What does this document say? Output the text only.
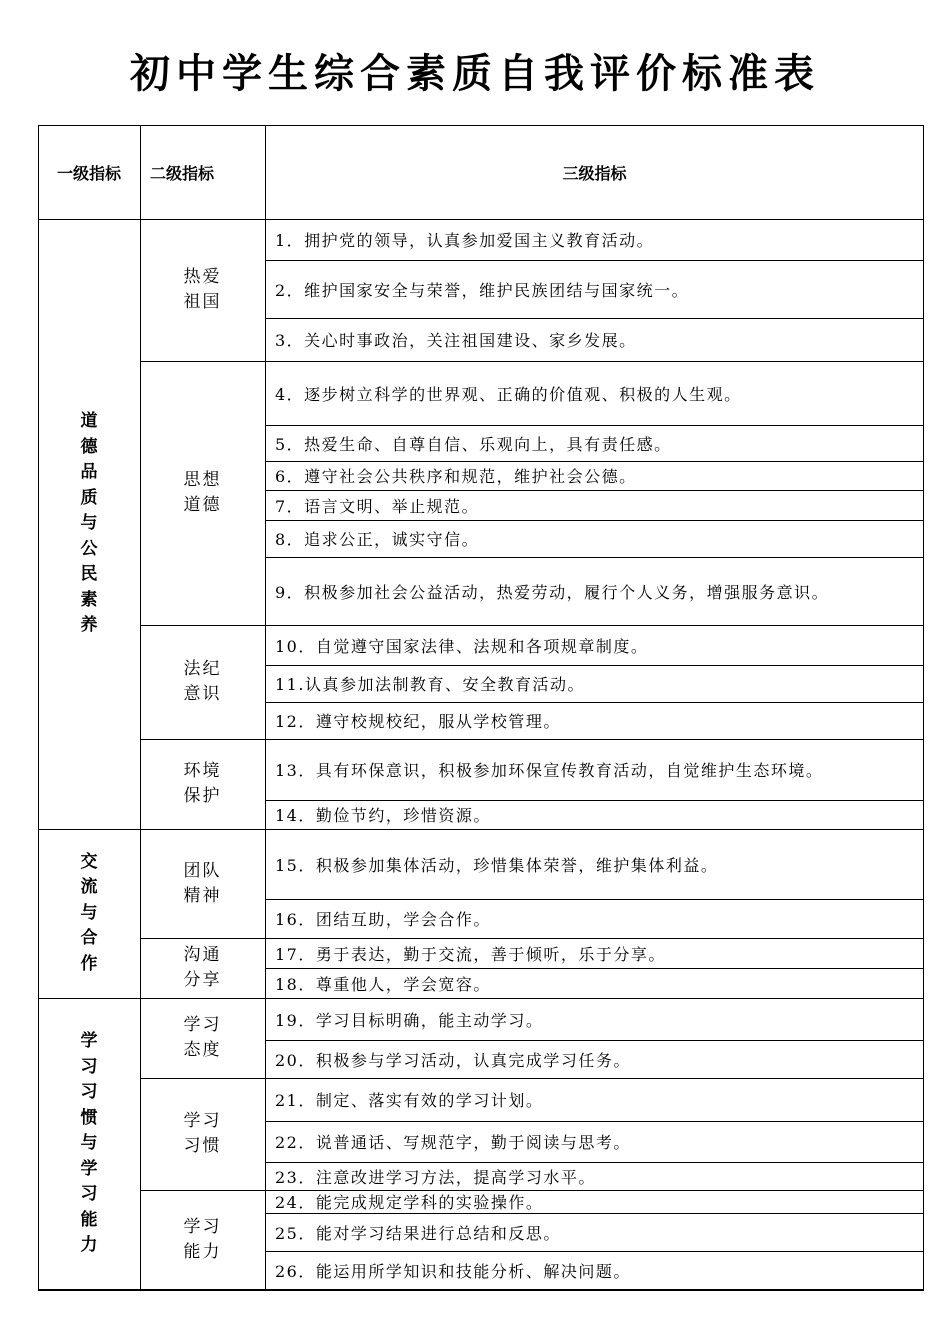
初中学生综合素质自我评价标准表
一级指标	二级指标	三级指标
道
德
品
质
与
公
民
素
养
热爱
祖国
1．拥护党的领导，认真参加爱国主义教育活动。
2．维护国家安全与荣誉，维护民族团结与国家统一。
3．关心时事政治，关注祖国建设、家乡发展。
思想
道德
4．逐步树立科学的世界观、正确的价值观、积极的人生观。
5．热爱生命、自尊自信、乐观向上，具有责任感。
6．遵守社会公共秩序和规范，维护社会公德。
7．语言文明、举止规范。
8．追求公正，诚实守信。
9．积极参加社会公益活动，热爱劳动，履行个人义务，增强服务意识。
法纪
意识
10．自觉遵守国家法律、法规和各项规章制度。
11.认真参加法制教育、安全教育活动。
12．遵守校规校纪，服从学校管理。
环境
保护
13．具有环保意识，积极参加环保宣传教育活动，自觉维护生态环境。
14．勤俭节约，珍惜资源。
交
流
与
合
作
团队
精神
15．积极参加集体活动，珍惜集体荣誉，维护集体利益。
16．团结互助，学会合作。
沟通
分享
17．勇于表达，勤于交流，善于倾听，乐于分享。
18．尊重他人，学会宽容。
学
习
习
惯
与
学
习
能
力
学习
态度
19．学习目标明确，能主动学习。
20．积极参与学习活动，认真完成学习任务。
学习
习惯
21．制定、落实有效的学习计划。
22．说普通话、写规范字，勤于阅读与思考。
23．注意改进学习方法，提高学习水平。
学习
能力
24．能完成规定学科的实验操作。
25．能对学习结果进行总结和反思。
26．能运用所学知识和技能分析、解决问题。
